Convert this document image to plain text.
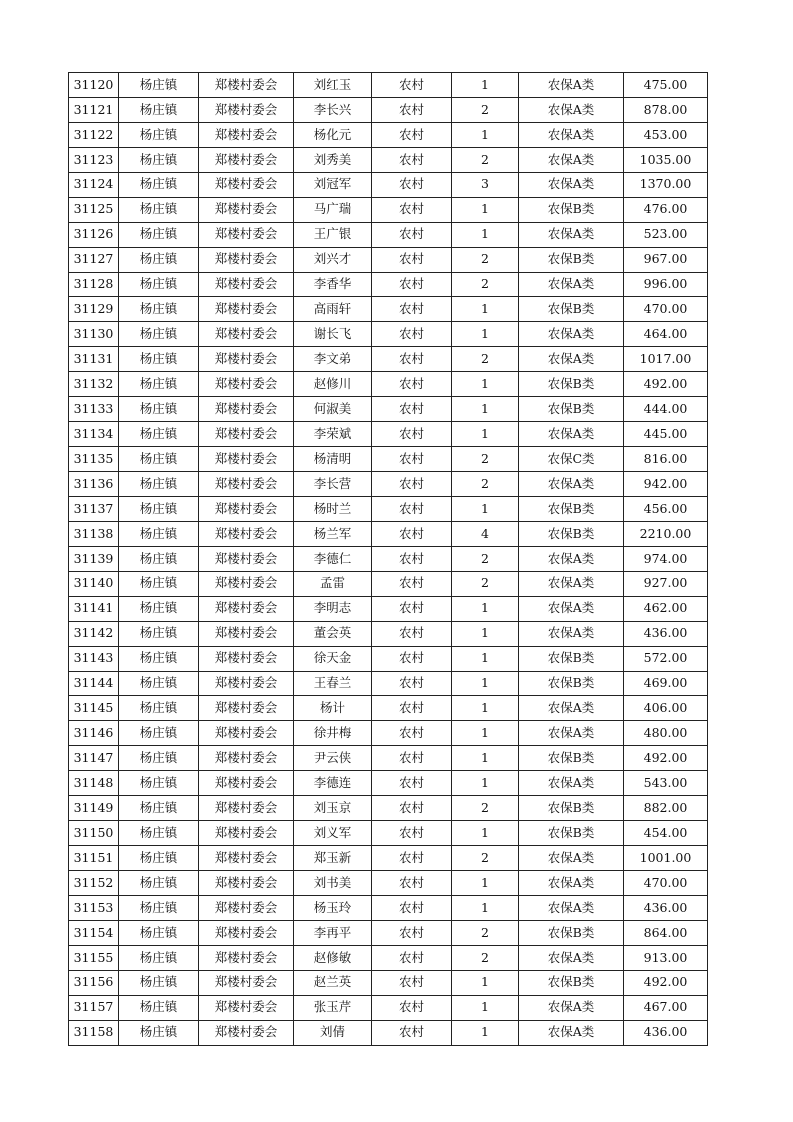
31120	杨庄镇	郑楼村委会	刘红玉	农村	1	农保A类	475.00
31121	杨庄镇	郑楼村委会	李长兴	农村	2	农保A类	878.00
31122	杨庄镇	郑楼村委会	杨化元	农村	1	农保A类	453.00
31123	杨庄镇	郑楼村委会	刘秀美	农村	2	农保A类	1035.00
31124	杨庄镇	郑楼村委会	刘冠军	农村	3	农保A类	1370.00
31125	杨庄镇	郑楼村委会	马广瑞	农村	1	农保B类	476.00
31126	杨庄镇	郑楼村委会	王广银	农村	1	农保A类	523.00
31127	杨庄镇	郑楼村委会	刘兴才	农村	2	农保B类	967.00
31128	杨庄镇	郑楼村委会	李香华	农村	2	农保A类	996.00
31129	杨庄镇	郑楼村委会	高雨轩	农村	1	农保B类	470.00
31130	杨庄镇	郑楼村委会	谢长飞	农村	1	农保A类	464.00
31131	杨庄镇	郑楼村委会	李文弟	农村	2	农保A类	1017.00
31132	杨庄镇	郑楼村委会	赵修川	农村	1	农保B类	492.00
31133	杨庄镇	郑楼村委会	何淑美	农村	1	农保B类	444.00
31134	杨庄镇	郑楼村委会	李荣斌	农村	1	农保A类	445.00
31135	杨庄镇	郑楼村委会	杨清明	农村	2	农保C类	816.00
31136	杨庄镇	郑楼村委会	李长营	农村	2	农保A类	942.00
31137	杨庄镇	郑楼村委会	杨时兰	农村	1	农保B类	456.00
31138	杨庄镇	郑楼村委会	杨兰军	农村	4	农保B类	2210.00
31139	杨庄镇	郑楼村委会	李德仁	农村	2	农保A类	974.00
31140	杨庄镇	郑楼村委会	孟雷	农村	2	农保A类	927.00
31141	杨庄镇	郑楼村委会	李明志	农村	1	农保A类	462.00
31142	杨庄镇	郑楼村委会	董会英	农村	1	农保A类	436.00
31143	杨庄镇	郑楼村委会	徐天金	农村	1	农保B类	572.00
31144	杨庄镇	郑楼村委会	王春兰	农村	1	农保B类	469.00
31145	杨庄镇	郑楼村委会	杨计	农村	1	农保A类	406.00
31146	杨庄镇	郑楼村委会	徐井梅	农村	1	农保A类	480.00
31147	杨庄镇	郑楼村委会	尹云侠	农村	1	农保B类	492.00
31148	杨庄镇	郑楼村委会	李德连	农村	1	农保A类	543.00
31149	杨庄镇	郑楼村委会	刘玉京	农村	2	农保B类	882.00
31150	杨庄镇	郑楼村委会	刘义军	农村	1	农保B类	454.00
31151	杨庄镇	郑楼村委会	郑玉新	农村	2	农保A类	1001.00
31152	杨庄镇	郑楼村委会	刘书美	农村	1	农保A类	470.00
31153	杨庄镇	郑楼村委会	杨玉玲	农村	1	农保A类	436.00
31154	杨庄镇	郑楼村委会	李再平	农村	2	农保B类	864.00
31155	杨庄镇	郑楼村委会	赵修敏	农村	2	农保A类	913.00
31156	杨庄镇	郑楼村委会	赵兰英	农村	1	农保B类	492.00
31157	杨庄镇	郑楼村委会	张玉芹	农村	1	农保A类	467.00
31158	杨庄镇	郑楼村委会	刘倩	农村	1	农保A类	436.00
